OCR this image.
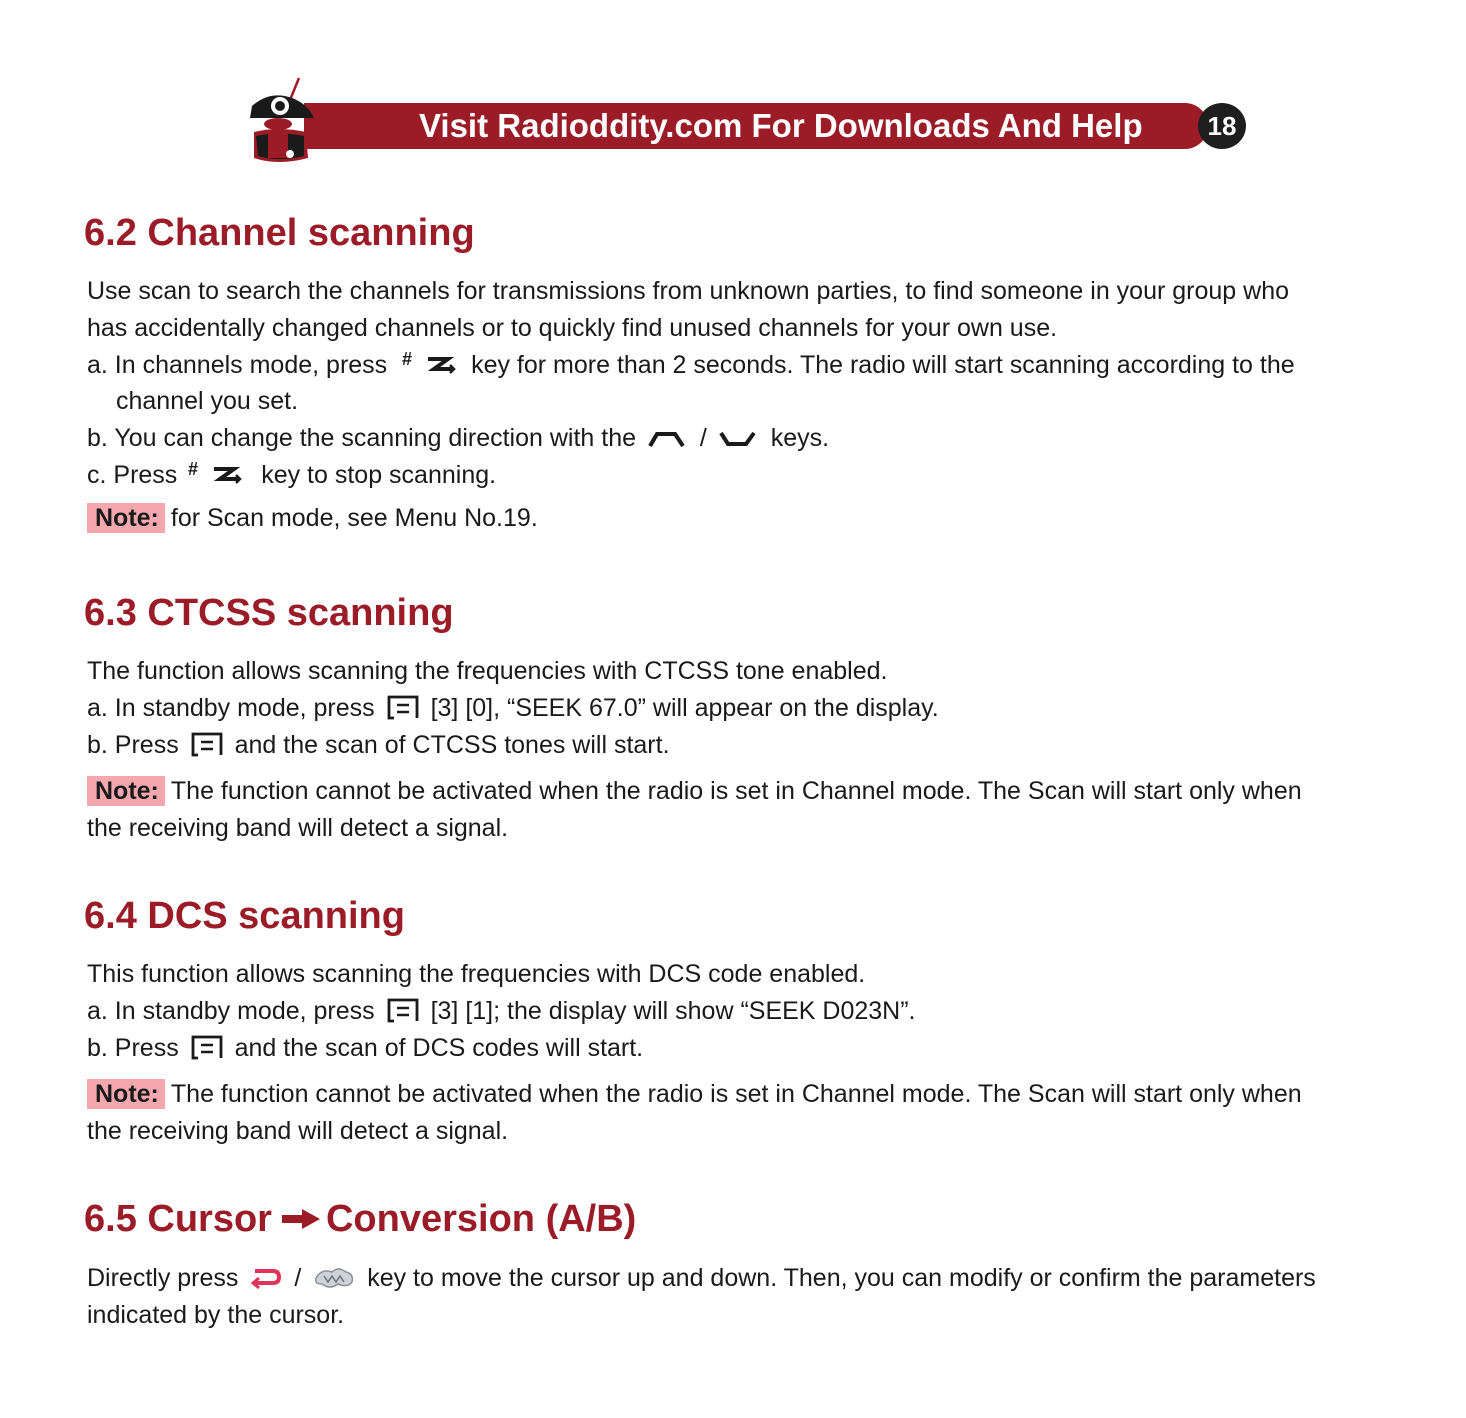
Visit Radioddity.com For Downloads And Help	18
6.2 Channel scanning

Use scan to search the channels for transmissions from unknown parties, to find someone in your group who

has accidentally changed channels or to quickly find unused channels for your own use.

a. In channels mode, press # key for more than 2 seconds. The radio will start scanning according to the

channel you set.

b. You can change the scanning direction with the	/	keys.

c. Press #	key to stop scanning.

Note: for Scan mode, see Menu No.19.

6.3 CTCSS scanning

The function allows scanning the frequencies with CTCSS tone enabled.

a. In standby mode, press [3] [0], “SEEK 67.0” will appear on the display.

b. Press and the scan of CTCSS tones will start.

Note: The function cannot be activated when the radio is set in Channel mode. The Scan will start only when

the receiving band will detect a signal.

6.4 DCS scanning

This function allows scanning the frequencies with DCS code enabled.

a. In standby mode, press [3] [1]; the display will show “SEEK D023N”.

b. Press and the scan of DCS codes will start.

Note: The function cannot be activated when the radio is set in Channel mode. The Scan will start only when

the receiving band will detect a signal.

6.5 Cursor Conversion (A/B)

Directly press /	key to move the cursor up and down. Then, you can modify or confirm the parameters

indicated by the cursor.
